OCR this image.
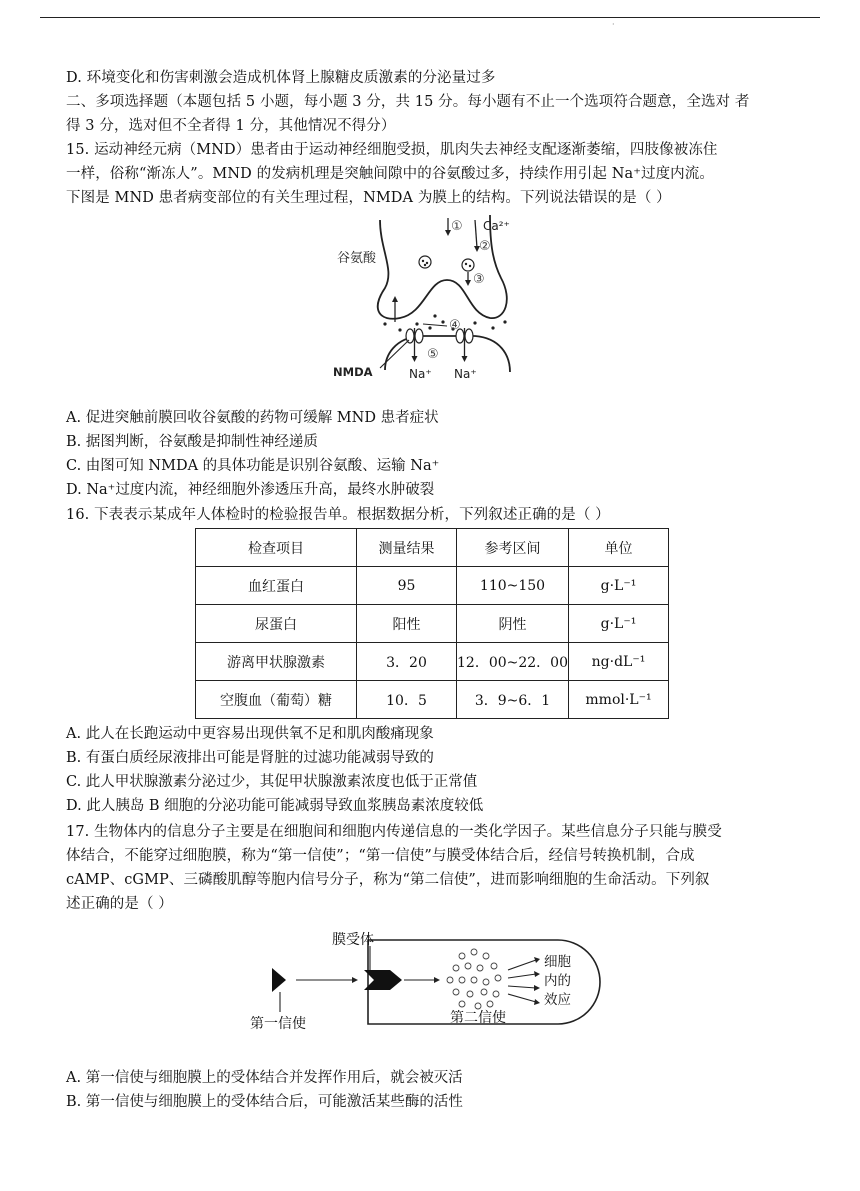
·
D. 环境变化和伤害刺激会造成机体肾上腺糖皮质激素的分泌量过多
二、多项选择题（本题包括 5 小题，每小题 3 分，共 15 分。每小题有不止一个选项符合题意，全选对 者
得 3 分，选对但不全者得 1 分，其他情况不得分）
15. 运动神经元病（MND）患者由于运动神经细胞受损，肌肉失去神经支配逐渐萎缩，四肢像被冻住
一样，俗称“渐冻人”。MND 的发病机理是突触间隙中的谷氨酸过多，持续作用引起 Na⁺过度内流。
下图是 MND 患者病变部位的有关生理过程，NMDA 为膜上的结构。下列说法错误的是（ ）
谷氨酸
NMDA
Ca²⁺
Na⁺ Na⁺
①
②
③
④
⑤
A. 促进突触前膜回收谷氨酸的药物可缓解 MND 患者症状
B. 据图判断，谷氨酸是抑制性神经递质
C. 由图可知 NMDA 的具体功能是识别谷氨酸、运输 Na⁺
D. Na⁺过度内流，神经细胞外渗透压升高，最终水肿破裂
16. 下表表示某成年人体检时的检验报告单。根据数据分析，下列叙述正确的是（ ）
检查项目	测量结果	参考区间	单位
血红蛋白	95	110~150	g·L⁻¹
尿蛋白	阳性	阴性	g·L⁻¹
游离甲状腺激素	3．20	12．00~22．00	ng·dL⁻¹
空腹血（葡萄）糖	10．5	3．9~6．1	mmol·L⁻¹
A. 此人在长跑运动中更容易出现供氧不足和肌肉酸痛现象
B. 有蛋白质经尿液排出可能是肾脏的过滤功能减弱导致的
C. 此人甲状腺激素分泌过少，其促甲状腺激素浓度也低于正常值
D. 此人胰岛 B 细胞的分泌功能可能减弱导致血浆胰岛素浓度较低
17. 生物体内的信息分子主要是在细胞间和细胞内传递信息的一类化学因子。某些信息分子只能与膜受
体结合，不能穿过细胞膜，称为“第一信使”；“第一信使”与膜受体结合后，经信号转换机制，合成
cAMP、cGMP、三磷酸肌醇等胞内信号分子，称为“第二信使”，进而影响细胞的生命活动。下列叙
述正确的是（ ）
膜受体
第一信使	第二信使
细胞
内的
效应
A. 第一信使与细胞膜上的受体结合并发挥作用后，就会被灭活
B. 第一信使与细胞膜上的受体结合后，可能激活某些酶的活性
